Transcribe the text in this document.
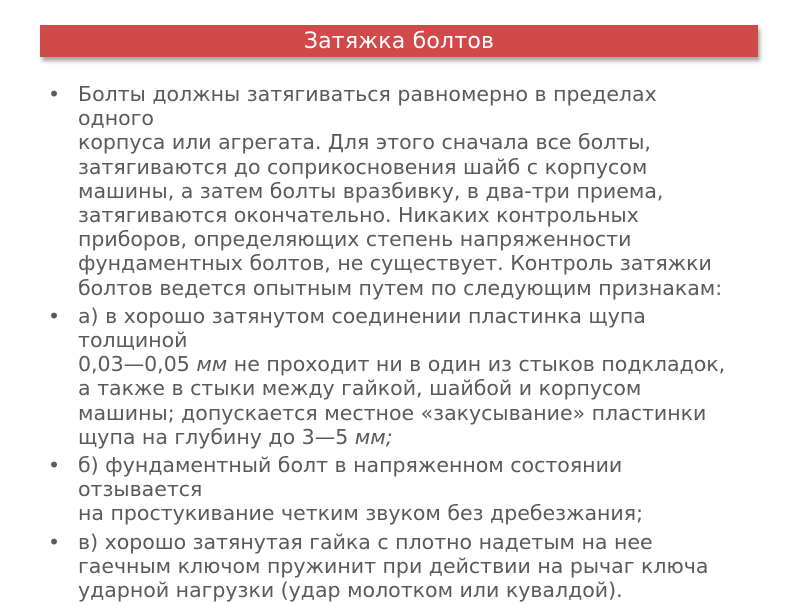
Затяжка болтов
• Болты должны затягиваться равномерно в пределах
одного
корпуса или агрегата. Для этого сначала все болты,
затягиваются до соприкосновения шайб с корпусом
машины, а затем болты вразбивку, в два-три приема,
затягиваются окончательно. Никаких контрольных
приборов, определяющих степень напряженности
фундаментных болтов, не существует. Контроль затяжки
болтов ведется опытным путем по следующим признакам:
• а) в хорошо затянутом соединении пластинка щупа
толщиной
0,03—0,05 мм не проходит ни в один из стыков подкладок,
а также в стыки между гайкой, шайбой и корпусом
машины; допускается местное «закусывание» пластинки
щупа на глубину до 3—5 мм;
• б) фундаментный болт в напряженном состоянии
отзывается
на простукивание четким звуком без дребезжания;
• в) хорошо затянутая гайка с плотно надетым на нее
гаечным ключом пружинит при действии на рычаг ключа
ударной нагрузки (удар молотком или кувалдой).
